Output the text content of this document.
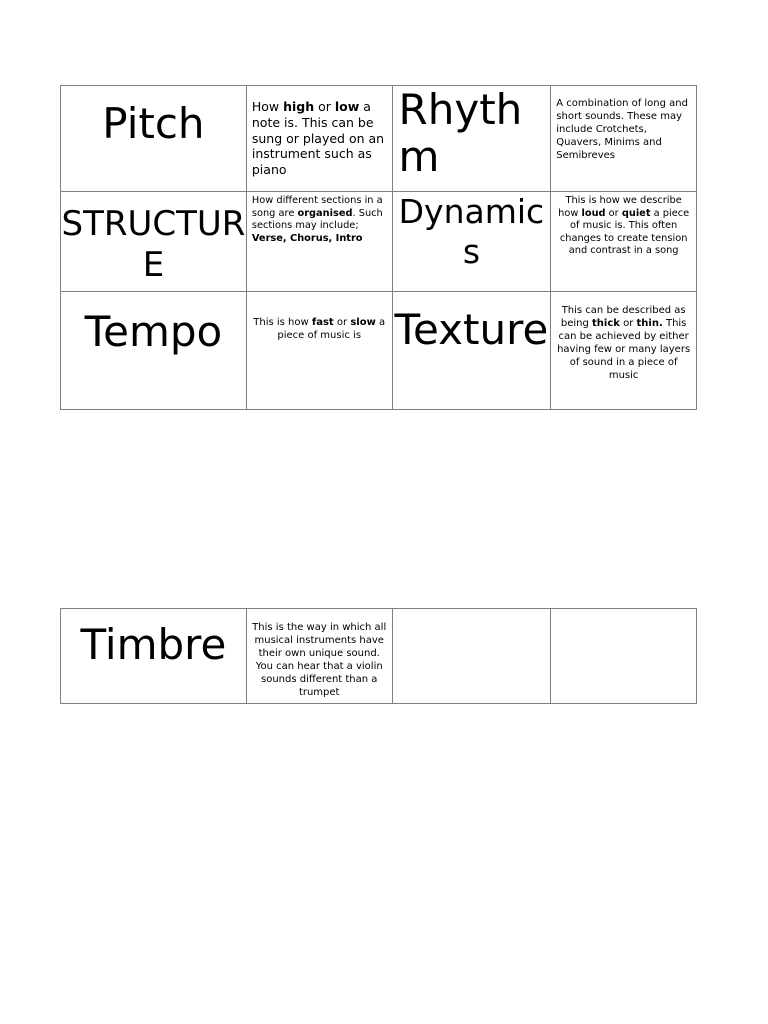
Pitch	How high or low a note is. This can be sung or played on an instrument such as piano	Rhythm	A combination of long and short sounds. These may include Crotchets, Quavers, Minims and Semibreves
STRUCTURE	How different sections in a song are organised. Such sections may include; Verse, Chorus, Intro	Dynamics	This is how we describe how loud or quiet a piece of music is. This often changes to create tension and contrast in a song
Tempo	This is how fast or slow a piece of music is	Texture	This can be described as being thick or thin. This can be achieved by either having few or many layers of sound in a piece of music
Timbre	This is the way in which all musical instruments have their own unique sound. You can hear that a violin sounds different than a trumpet		
